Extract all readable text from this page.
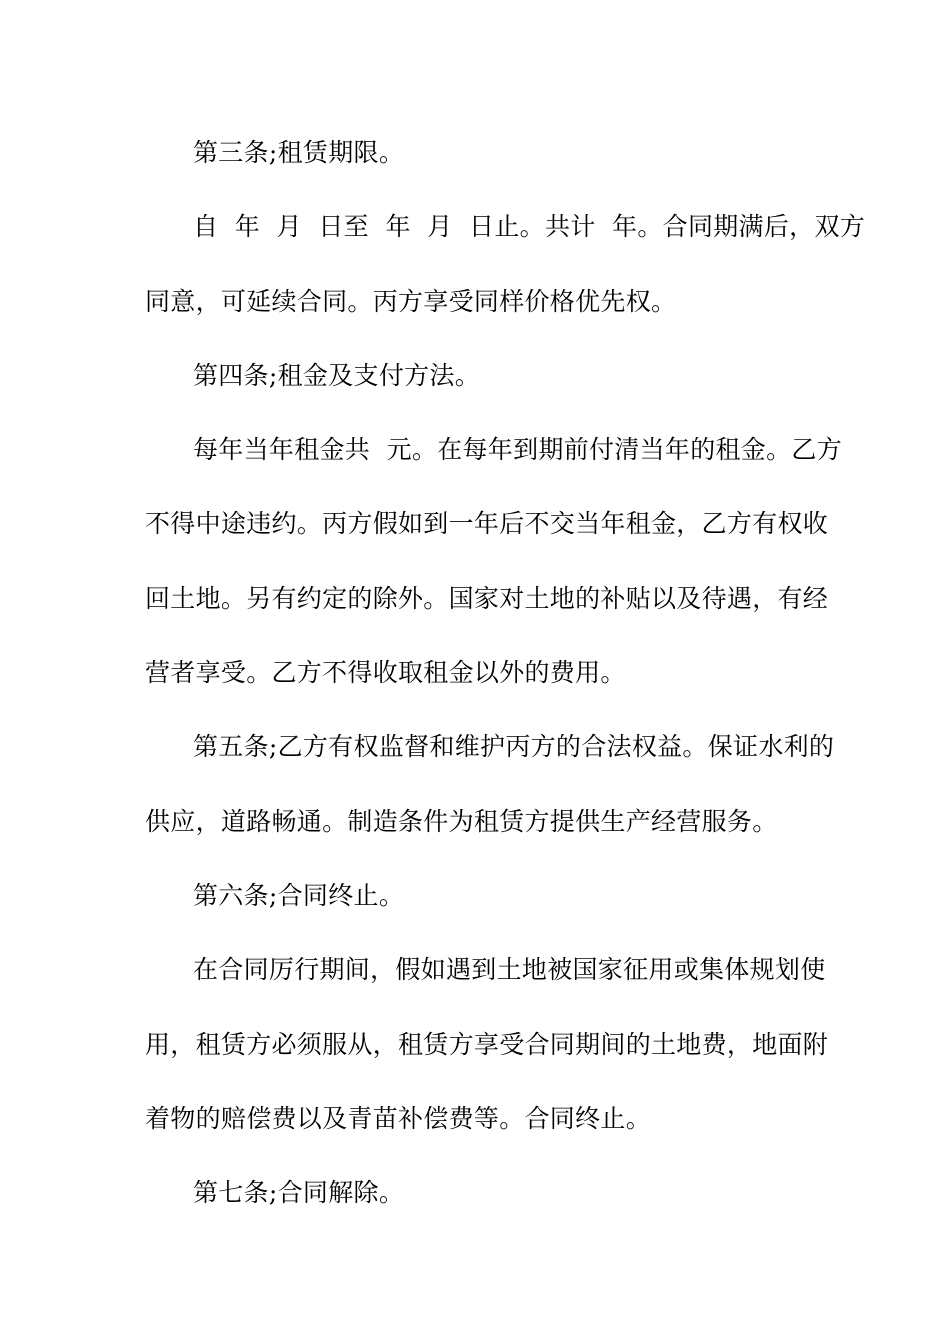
第三条;租赁期限。
自  年  月  日至  年  月  日止。共计  年。合同期满后，双方
同意，可延续合同。丙方享受同样价格优先权。
第四条;租金及支付方法。
每年当年租金共  元。在每年到期前付清当年的租金。乙方
不得中途违约。丙方假如到一年后不交当年租金，乙方有权收
回土地。另有约定的除外。国家对土地的补贴以及待遇，有经
营者享受。乙方不得收取租金以外的费用。
第五条;乙方有权监督和维护丙方的合法权益。保证水利的
供应，道路畅通。制造条件为租赁方提供生产经营服务。
第六条;合同终止。
在合同厉行期间，假如遇到土地被国家征用或集体规划使
用，租赁方必须服从，租赁方享受合同期间的土地费，地面附
着物的赔偿费以及青苗补偿费等。合同终止。
第七条;合同解除。
